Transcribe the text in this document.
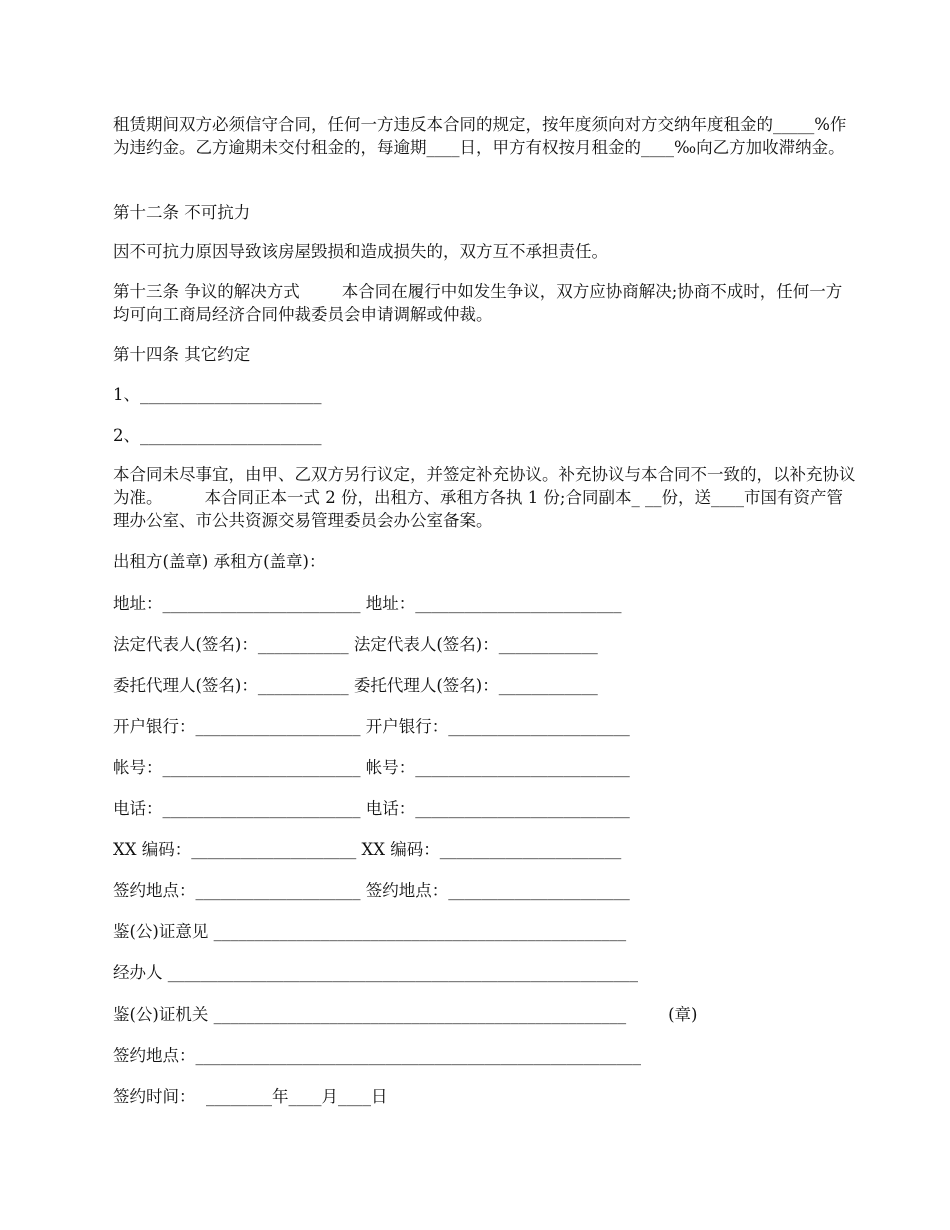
租赁期间双方必须信守合同，任何一方违反本合同的规定，按年度须向对方交纳年度租金的_____%作为违约金。乙方逾期未交付租金的，每逾期____日，甲方有权按月租金的____‰向乙方加收滞纳金。

第十二条 不可抗力

因不可抗力原因导致该房屋毁损和造成损失的，双方互不承担责任。

第十三条 争议的解决方式        本合同在履行中如发生争议，双方应协商解决;协商不成时，任何一方均可向工商局经济合同仲裁委员会申请调解或仲裁。

第十四条 其它约定

1、______________________

2、______________________

本合同未尽事宜，由甲、乙双方另行议定，并签定补充协议。补充协议与本合同不一致的，以补充协议为准。        本合同正本一式 2 份，出租方、承租方各执 1 份;合同副本_ __份，送____市国有资产管理办公室、市公共资源交易管理委员会办公室备案。

出租方(盖章) 承租方(盖章)：

地址：________________________ 地址：_________________________

法定代表人(签名)：___________ 法定代表人(签名)：____________

委托代理人(签名)：___________ 委托代理人(签名)：____________

开户银行：____________________ 开户银行：______________________

帐号：________________________ 帐号：__________________________

电话：________________________ 电话：__________________________

XX 编码：____________________ XX 编码：______________________

签约地点：____________________ 签约地点：______________________

鉴(公)证意见 __________________________________________________

经办人 _________________________________________________________

鉴(公)证机关 __________________________________________________        (章)

签约地点：______________________________________________________

签约时间：  ________年____月____日
